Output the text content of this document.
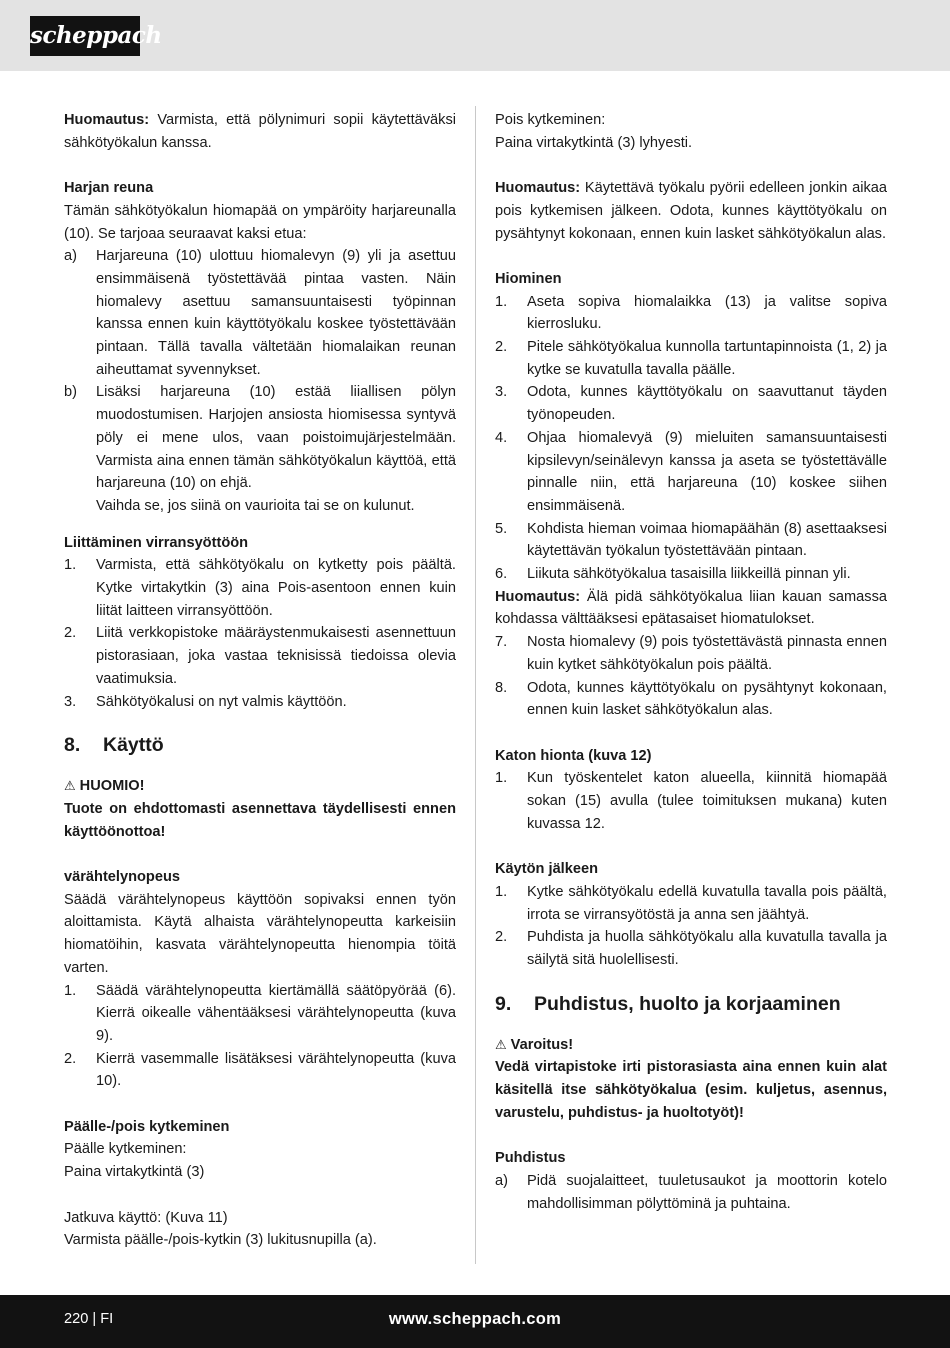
scheppach

Huomautus: Varmista, että pölynimuri sopii käytettäväksi sähkötyökalun kanssa.

Harjan reuna

Tämän sähkötyökalun hiomapää on ympäröity harjareunalla (10). Se tarjoaa seuraavat kaksi etua:

a)	Harjareuna (10) ulottuu hiomalevyn (9) yli ja asettuu ensimmäisenä työstettävää pintaa vasten. Näin hiomalevy asettuu samansuuntaisesti työpinnan kanssa ennen kuin käyttötyökalu koskee työstettävään pintaan. Tällä tavalla vältetään hiomalaikan reunan aiheuttamat syvennykset.
b)	Lisäksi harjareuna (10) estää liiallisen pölyn muodostumisen. Harjojen ansiosta hiomisessa syntyvä pöly ei mene ulos, vaan poistoimujärjestelmään. Varmista aina ennen tämän sähkötyökalun käyttöä, että harjareuna (10) on ehjä.
Vaihda se, jos siinä on vaurioita tai se on kulunut.

Liittäminen virransyöttöön

1.	Varmista, että sähkötyökalu on kytketty pois päältä. Kytke virtakytkin (3) aina Pois-asentoon ennen kuin liität laitteen virransyöttöön.
2.	Liitä verkkopistoke määräystenmukaisesti asennettuun pistorasiaan, joka vastaa teknisissä tiedoissa olevia vaatimuksia.
3.	Sähkötyökalusi on nyt valmis käyttöön.
8.	Käyttö

⚠ HUOMIO!

Tuote on ehdottomasti asennettava täydellisesti ennen käyttöönottoa!

värähtelynopeus

Säädä värähtelynopeus käyttöön sopivaksi ennen työn aloittamista. Käytä alhaista värähtelynopeutta karkeisiin hiomatöihin, kasvata värähtelynopeutta hienompia töitä varten.

1.	Säädä värähtelynopeutta kiertämällä säätöpyörää (6). Kierrä oikealle vähentääksesi värähtelynopeutta (kuva 9).
2.	Kierrä vasemmalle lisätäksesi värähtelynopeutta (kuva 10).

Päälle-/pois kytkeminen

Päälle kytkeminen:

Paina virtakytkintä (3)

Jatkuva käyttö: (Kuva 11)

Varmista päälle-/pois-kytkin (3) lukitusnupilla (a).

Pois kytkeminen:

Paina virtakytkintä (3) lyhyesti.

Huomautus: Käytettävä työkalu pyörii edelleen jonkin aikaa pois kytkemisen jälkeen. Odota, kunnes käyttötyökalu on pysähtynyt kokonaan, ennen kuin lasket sähkötyökalun alas.

Hiominen

1.	Aseta sopiva hiomalaikka (13) ja valitse sopiva kierrosluku.
2.	Pitele sähkötyökalua kunnolla tartuntapinnoista (1, 2) ja kytke se kuvatulla tavalla päälle.
3.	Odota, kunnes käyttötyökalu on saavuttanut täyden työnopeuden.
4.	Ohjaa hiomalevyä (9) mieluiten samansuuntaisesti kipsilevyn/seinälevyn kanssa ja aseta se työstettävälle pinnalle niin, että harjareuna (10) koskee siihen ensimmäisenä.
5.	Kohdista hieman voimaa hiomapäähän (8) asettaaksesi käytettävän työkalun työstettävään pintaan.
6.	Liikuta sähkötyökalua tasaisilla liikkeillä pinnan yli.

Huomautus: Älä pidä sähkötyökalua liian kauan samassa kohdassa välttääksesi epätasaiset hiomatulokset.

7.	Nosta hiomalevy (9) pois työstettävästä pinnasta ennen kuin kytket sähkötyökalun pois päältä.
8.	Odota, kunnes käyttötyökalu on pysähtynyt kokonaan, ennen kuin lasket sähkötyökalun alas.

Katon hionta (kuva 12)

1.	Kun työskentelet katon alueella, kiinnitä hiomapää sokan (15) avulla (tulee toimituksen mukana) kuten kuvassa 12.

Käytön jälkeen

1.	Kytke sähkötyökalu edellä kuvatulla tavalla pois päältä, irrota se virransyötöstä ja anna sen jäähtyä.
2.	Puhdista ja huolla sähkötyökalu alla kuvatulla tavalla ja säilytä sitä huolellisesti.
9.	Puhdistus, huolto ja korjaaminen

⚠ Varoitus!

Vedä virtapistoke irti pistorasiasta aina ennen kuin alat käsitellä itse sähkötyökalua (esim. kuljetus, asennus, varustelu, puhdistus- ja huoltotyöt)!

Puhdistus

a)	Pidä suojalaitteet, tuuletusaukot ja moottorin kotelo mahdollisimman pölyttöminä ja puhtaina.
220 | FI	www.scheppach.com
